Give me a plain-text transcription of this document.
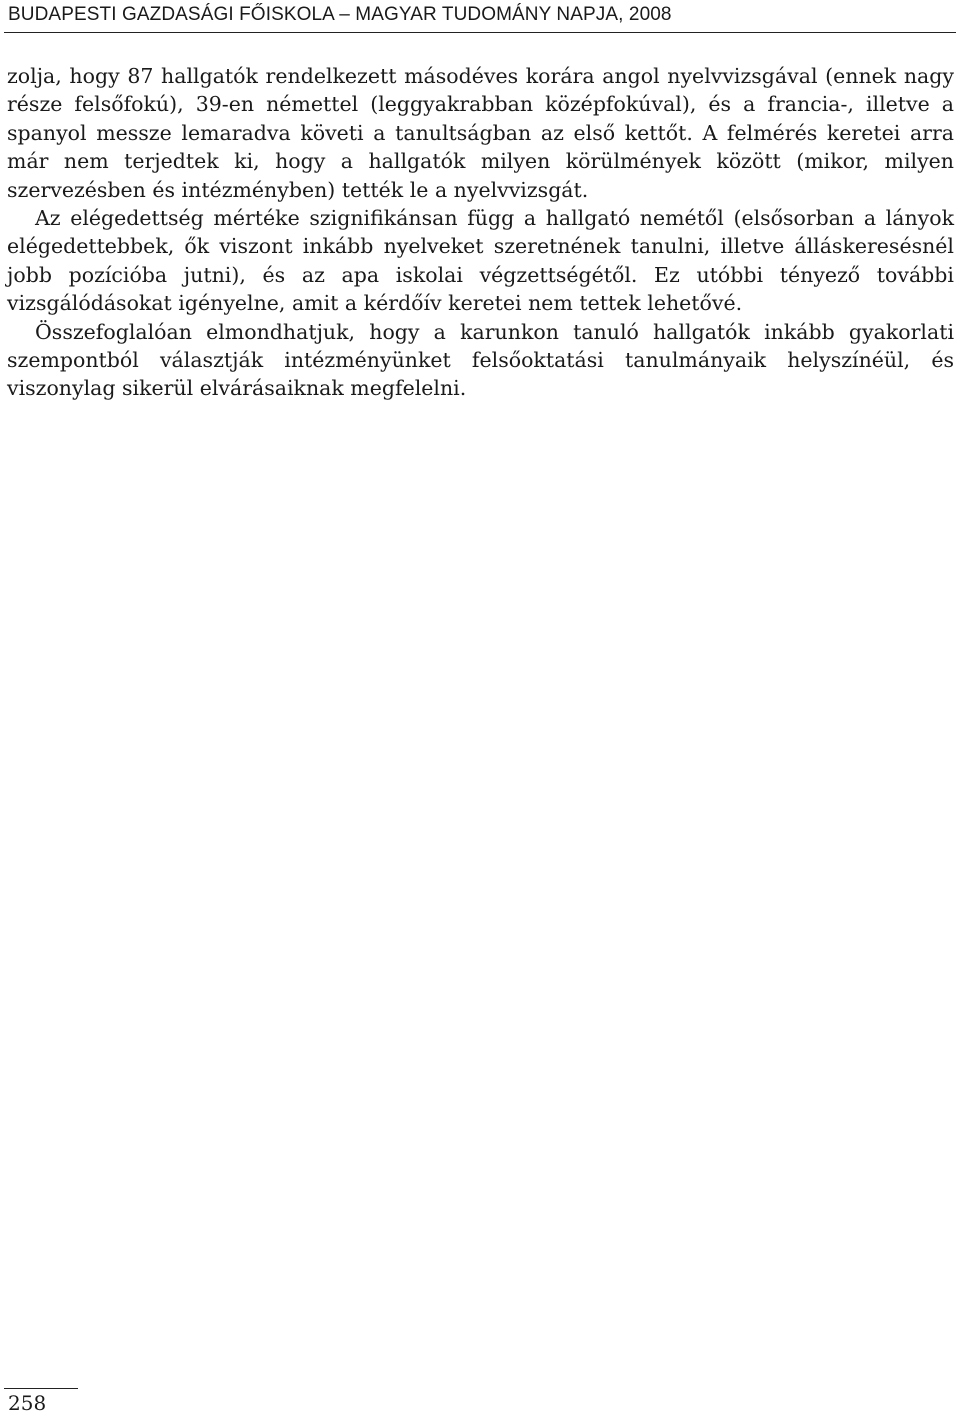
BUDAPESTI GAZDASÁGI FŐISKOLA – MAGYAR TUDOMÁNY NAPJA, 2008

zolja, hogy 87 hallgatók rendelkezett másodéves korára angol nyelvvizsgával (ennek nagy része felsőfokú), 39-en némettel (leggyakrabban középfokúval), és a francia-, illetve a spanyol messze lemaradva követi a tanultságban az első kettőt. A felmérés keretei arra már nem terjedtek ki, hogy a hallgatók milyen körülmények között (mikor, milyen szervezésben és intézményben) tették le a nyelvvizsgát.

Az elégedettség mértéke szignifikánsan függ a hallgató nemétől (elsősorban a lányok elégedettebbek, ők viszont inkább nyelveket szeretnének tanulni, illetve álláskeresésnél jobb pozícióba jutni), és az apa iskolai végzettségétől. Ez utóbbi tényező további vizsgálódásokat igényelne, amit a kérdőív keretei nem tettek lehetővé.

Összefoglalóan elmondhatjuk, hogy a karunkon tanuló hallgatók inkább gyakorlati szempontból választják intézményünket felsőoktatási tanulmányaik helyszínéül, és viszonylag sikerül elvárásaiknak megfelelni.

258
